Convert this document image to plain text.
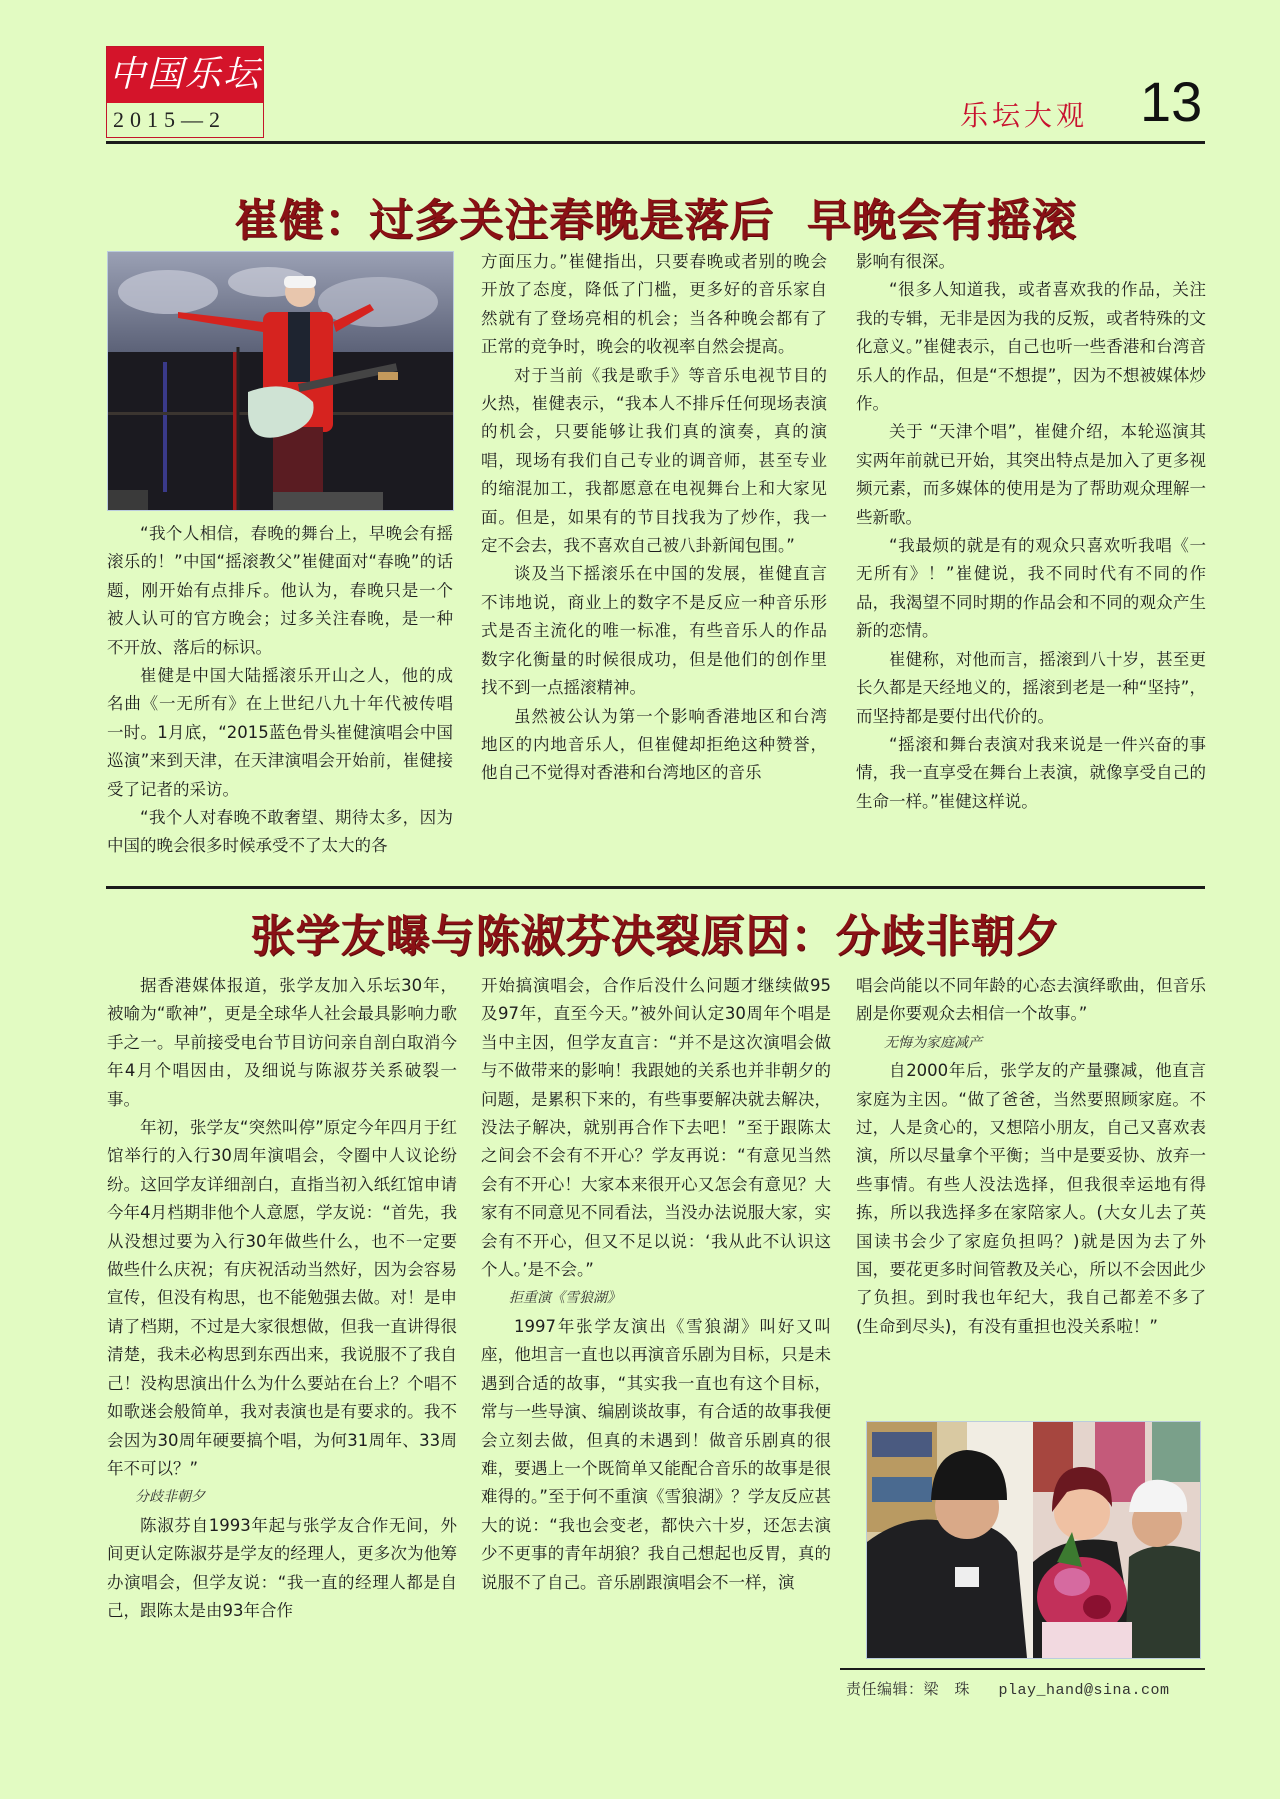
中国乐坛
2015—2	乐坛大观 13
崔健：过多关注春晚是落后  早晚会有摇滚

“我个人相信，春晚的舞台上，早晚会有摇滚乐的！”中国“摇滚教父”崔健面对“春晚”的话题，刚开始有点排斥。他认为，春晚只是一个被人认可的官方晚会；过多关注春晚，是一种不开放、落后的标识。

崔健是中国大陆摇滚乐开山之人，他的成名曲《一无所有》在上世纪八九十年代被传唱一时。1月底，“2015蓝色骨头崔健演唱会中国巡演”来到天津，在天津演唱会开始前，崔健接受了记者的采访。

“我个人对春晚不敢奢望、期待太多，因为中国的晚会很多时候承受不了太大的各

方面压力。”崔健指出，只要春晚或者别的晚会开放了态度，降低了门槛，更多好的音乐家自然就有了登场亮相的机会；当各种晚会都有了正常的竞争时，晚会的收视率自然会提高。

对于当前《我是歌手》等音乐电视节目的火热，崔健表示，“我本人不排斥任何现场表演的机会，只要能够让我们真的演奏，真的演唱，现场有我们自己专业的调音师，甚至专业的缩混加工，我都愿意在电视舞台上和大家见面。但是，如果有的节目找我为了炒作，我一定不会去，我不喜欢自己被八卦新闻包围。”

谈及当下摇滚乐在中国的发展，崔健直言不讳地说，商业上的数字不是反应一种音乐形式是否主流化的唯一标准，有些音乐人的作品数字化衡量的时候很成功，但是他们的创作里找不到一点摇滚精神。

虽然被公认为第一个影响香港地区和台湾地区的内地音乐人，但崔健却拒绝这种赞誉，他自己不觉得对香港和台湾地区的音乐

影响有很深。

“很多人知道我，或者喜欢我的作品，关注我的专辑，无非是因为我的反叛，或者特殊的文化意义。”崔健表示，自己也听一些香港和台湾音乐人的作品，但是“不想提”，因为不想被媒体炒作。

关于 “天津个唱”，崔健介绍，本轮巡演其实两年前就已开始，其突出特点是加入了更多视频元素，而多媒体的使用是为了帮助观众理解一些新歌。

“我最烦的就是有的观众只喜欢听我唱《一无所有》！”崔健说，我不同时代有不同的作品，我渴望不同时期的作品会和不同的观众产生新的恋情。

崔健称，对他而言，摇滚到八十岁，甚至更长久都是天经地义的，摇滚到老是一种“坚持”，而坚持都是要付出代价的。

“摇滚和舞台表演对我来说是一件兴奋的事情，我一直享受在舞台上表演，就像享受自己的生命一样。”崔健这样说。

张学友曝与陈淑芬决裂原因：分歧非朝夕

据香港媒体报道，张学友加入乐坛30年，被喻为“歌神”，更是全球华人社会最具影响力歌手之一。早前接受电台节目访问亲自剖白取消今年4月个唱因由，及细说与陈淑芬关系破裂一事。

年初，张学友“突然叫停”原定今年四月于红馆举行的入行30周年演唱会，令圈中人议论纷纷。这回学友详细剖白，直指当初入纸红馆申请今年4月档期非他个人意愿，学友说：“首先，我从没想过要为入行30年做些什么，也不一定要做些什么庆祝；有庆祝活动当然好，因为会容易宣传，但没有构思，也不能勉强去做。对！是申请了档期，不过是大家很想做，但我一直讲得很清楚，我未必构思到东西出来，我说服不了我自己！没构思演出什么为什么要站在台上？个唱不如歌迷会般简单，我对表演也是有要求的。我不会因为30周年硬要搞个唱，为何31周年、33周年不可以？”

分歧非朝夕

陈淑芬自1993年起与张学友合作无间，外间更认定陈淑芬是学友的经理人，更多次为他筹办演唱会，但学友说：“我一直的经理人都是自己，跟陈太是由93年合作

开始搞演唱会，合作后没什么问题才继续做95及97年，直至今天。”被外间认定30周年个唱是当中主因，但学友直言：“并不是这次演唱会做与不做带来的影响！我跟她的关系也并非朝夕的问题，是累积下来的，有些事要解决就去解决，没法子解决，就别再合作下去吧！”至于跟陈太之间会不会有不开心？学友再说：“有意见当然会有不开心！大家本来很开心又怎会有意见？大家有不同意见不同看法，当没办法说服大家，实会有不开心，但又不足以说：‘我从此不认识这个人。’是不会。”

拒重演《雪狼湖》

1997年张学友演出《雪狼湖》叫好又叫座，他坦言一直也以再演音乐剧为目标，只是未遇到合适的故事，“其实我一直也有这个目标，常与一些导演、编剧谈故事，有合适的故事我便会立刻去做，但真的未遇到！做音乐剧真的很难，要遇上一个既简单又能配合音乐的故事是很难得的。”至于何不重演《雪狼湖》？学友反应甚大的说：“我也会变老，都快六十岁，还怎去演少不更事的青年胡狼？我自己想起也反胃，真的说服不了自己。音乐剧跟演唱会不一样，演

唱会尚能以不同年龄的心态去演绎歌曲，但音乐剧是你要观众去相信一个故事。”

无悔为家庭减产

自2000年后，张学友的产量骤减，他直言家庭为主因。“做了爸爸，当然要照顾家庭。不过，人是贪心的，又想陪小朋友，自己又喜欢表演，所以尽量拿个平衡；当中是要妥协、放弃一些事情。有些人没法选择，但我很幸运地有得拣，所以我选择多在家陪家人。(大女儿去了英国读书会少了家庭负担吗？)就是因为去了外国，要花更多时间管教及关心，所以不会因此少了负担。到时我也年纪大，我自己都差不多了(生命到尽头)，有没有重担也没关系啦！”

责任编辑：梁　珠 play_hand@sina.com
